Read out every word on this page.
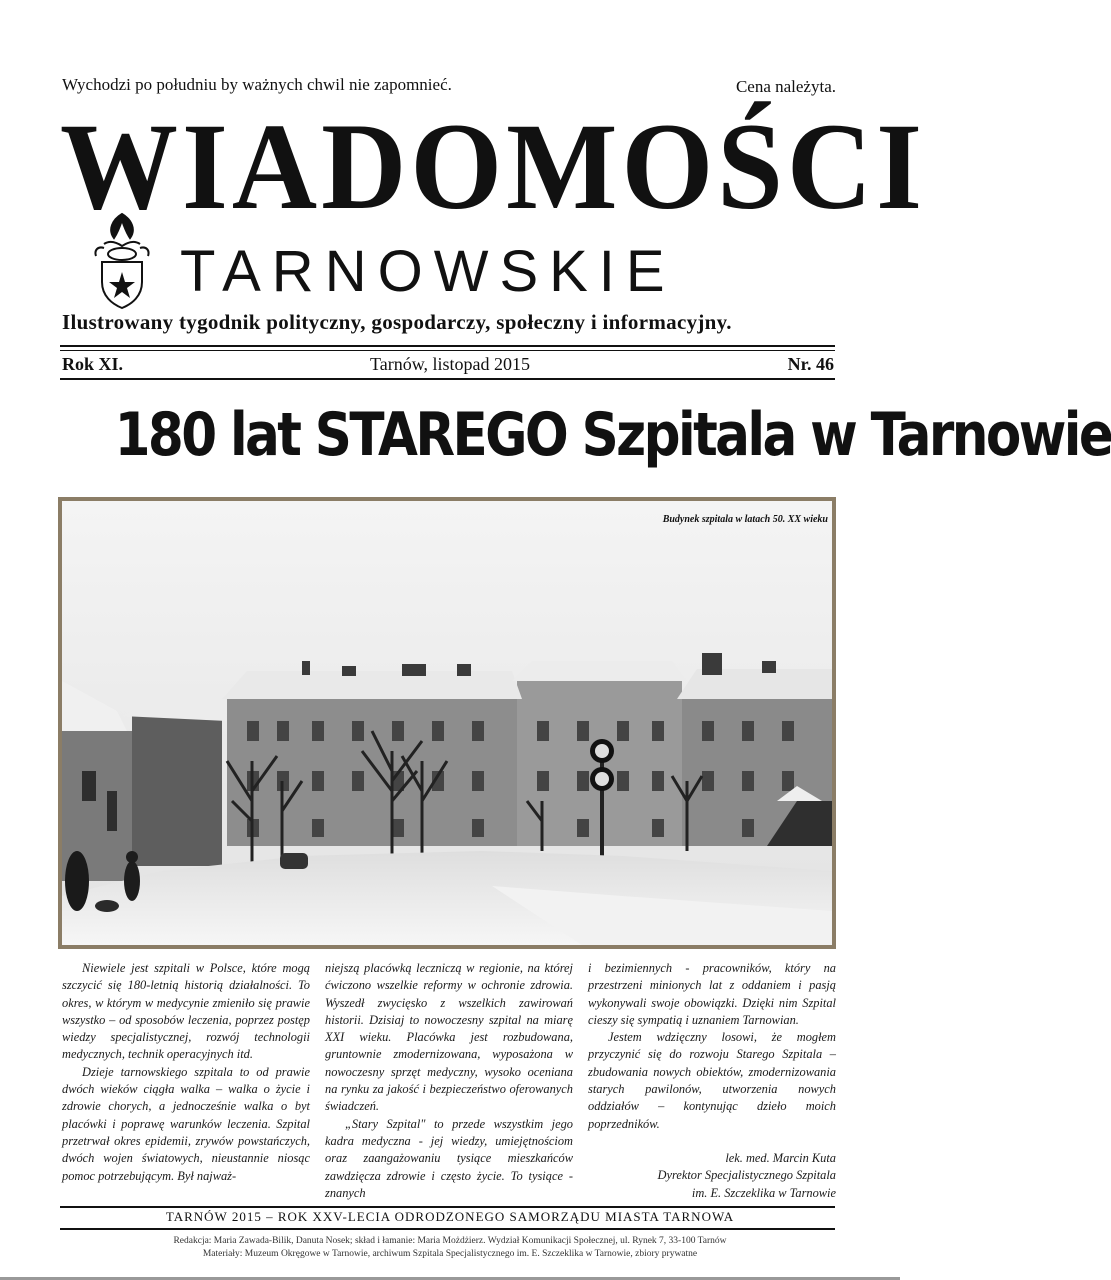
Wychodzi po południu by ważnych chwil nie zapomnieć.	Cena należyta.
WIADOMOŚCI
TARNOWSKIE
Ilustrowany tygodnik polityczny, gospodarczy, społeczny i informacyjny.
Rok XI.	Tarnów, listopad 2015	Nr. 46
180 lat STAREGO Szpitala w Tarnowie
Budynek szpitala w latach 50. XX wieku

Niewiele jest szpitali w Polsce, które mogą szczycić się 180-letnią historią działalności. To okres, w którym w medycynie zmieniło się prawie wszystko – od sposobów leczenia, poprzez postęp wiedzy specjalistycznej, rozwój technologii medycznych, technik operacyjnych itd.

Dzieje tarnowskiego szpitala to od prawie dwóch wieków ciągła walka – walka o życie i zdrowie chorych, a jednocześnie walka o byt placówki i poprawę warunków leczenia. Szpital przetrwał okres epidemii, zrywów powstańczych, dwóch wojen światowych, nieustannie niosąc pomoc potrzebującym. Był najważ-

niejszą placówką leczniczą w regionie, na której ćwiczono wszelkie reformy w ochronie zdrowia. Wyszedł zwycięsko z wszelkich zawirowań historii. Dzisiaj to nowoczesny szpital na miarę XXI wieku. Placówka jest rozbudowana, gruntownie zmodernizowana, wyposażona w nowoczesny sprzęt medyczny, wysoko oceniana na rynku za jakość i bezpieczeństwo oferowanych świadczeń.

„Stary Szpital" to przede wszystkim jego kadra medyczna - jej wiedzy, umiejętnościom oraz zaangażowaniu tysiące mieszkańców zawdzięcza zdrowie i często życie. To tysiące - znanych

i bezimiennych - pracowników, który na przestrzeni minionych lat z oddaniem i pasją wykonywali swoje obowiązki. Dzięki nim Szpital cieszy się sympatią i uznaniem Tarnowian.

Jestem wdzięczny losowi, że mogłem przyczynić się do rozwoju Starego Szpitala – zbudowania nowych obiektów, zmodernizowania starych pawilonów, utworzenia nowych oddziałów – kontynując dzieło moich poprzedników.

lek. med. Marcin Kuta

Dyrektor Specjalistycznego Szpitala

im. E. Szczeklika w Tarnowie

TARNÓW 2015 – ROK XXV-LECIA ODRODZONEGO SAMORZĄDU MIASTA TARNOWA
Redakcja: Maria Zawada-Bilik, Danuta Nosek; skład i łamanie: Maria Możdżierz. Wydział Komunikacji Społecznej, ul. Rynek 7, 33-100 Tarnów
Materiały: Muzeum Okręgowe w Tarnowie, archiwum Szpitala Specjalistycznego im. E. Szczeklika w Tarnowie, zbiory prywatne
